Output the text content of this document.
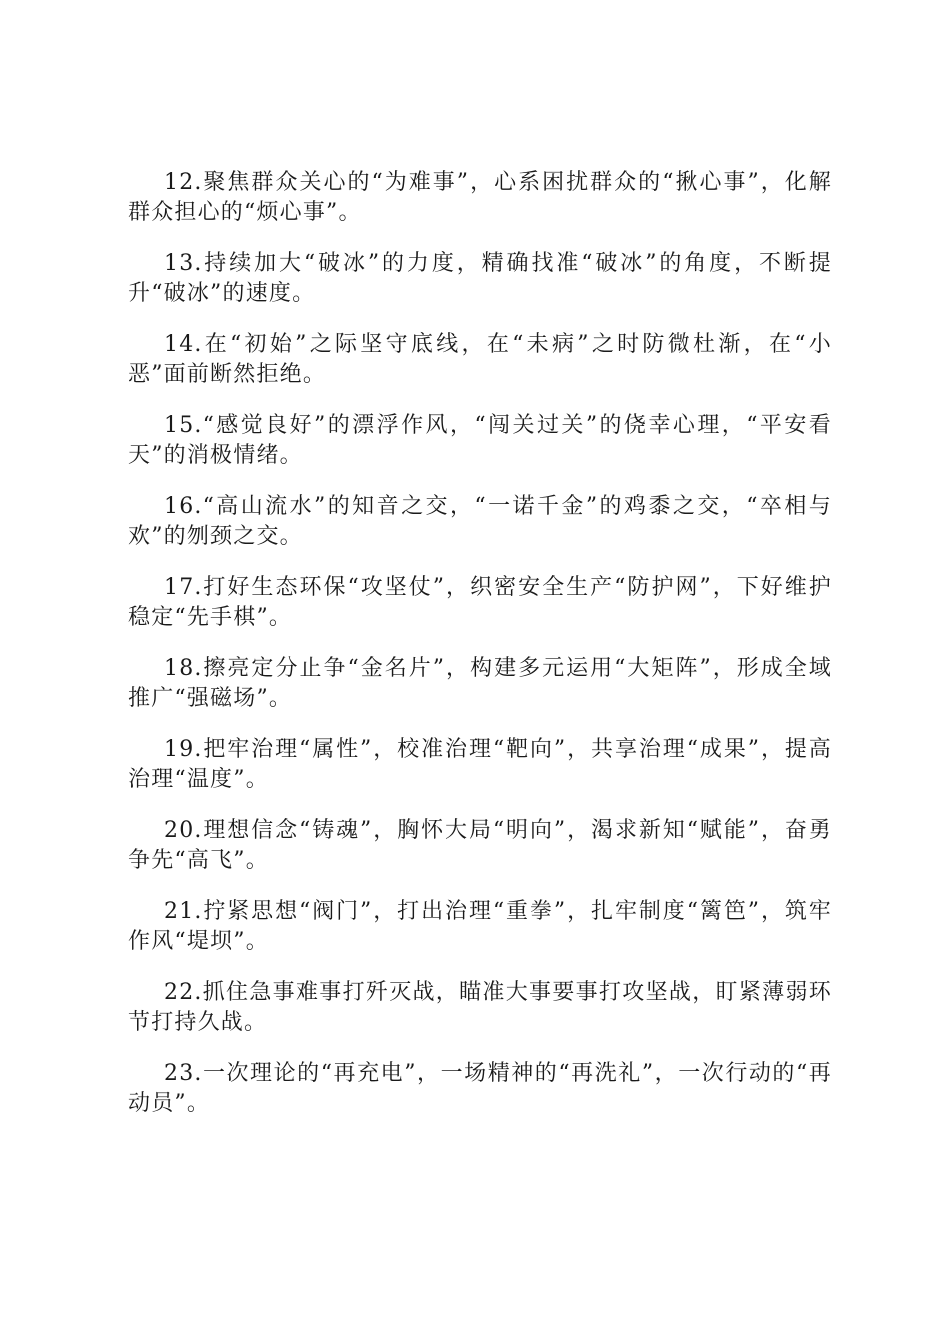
12.聚焦群众关心的“为难事”，心系困扰群众的“揪心事”，化解群众担心的“烦心事”。

13.持续加大“破冰”的力度，精确找准“破冰”的角度，不断提升“破冰”的速度。

14.在“初始”之际坚守底线，在“未病”之时防微杜渐，在“小恶”面前断然拒绝。

15.“感觉良好”的漂浮作风，“闯关过关”的侥幸心理，“平安看天”的消极情绪。

16.“高山流水”的知音之交，“一诺千金”的鸡黍之交，“卒相与欢”的刎颈之交。

17.打好生态环保“攻坚仗”，织密安全生产“防护网”，下好维护稳定“先手棋”。

18.擦亮定分止争“金名片”，构建多元运用“大矩阵”，形成全域推广“强磁场”。

19.把牢治理“属性”，校准治理“靶向”，共享治理“成果”，提高治理“温度”。

20.理想信念“铸魂”，胸怀大局“明向”，渴求新知“赋能”，奋勇争先“高飞”。

21.拧紧思想“阀门”，打出治理“重拳”，扎牢制度“篱笆”，筑牢作风“堤坝”。

22.抓住急事难事打歼灭战，瞄准大事要事打攻坚战，盯紧薄弱环节打持久战。

23.一次理论的“再充电”，一场精神的“再洗礼”，一次行动的“再动员”。
